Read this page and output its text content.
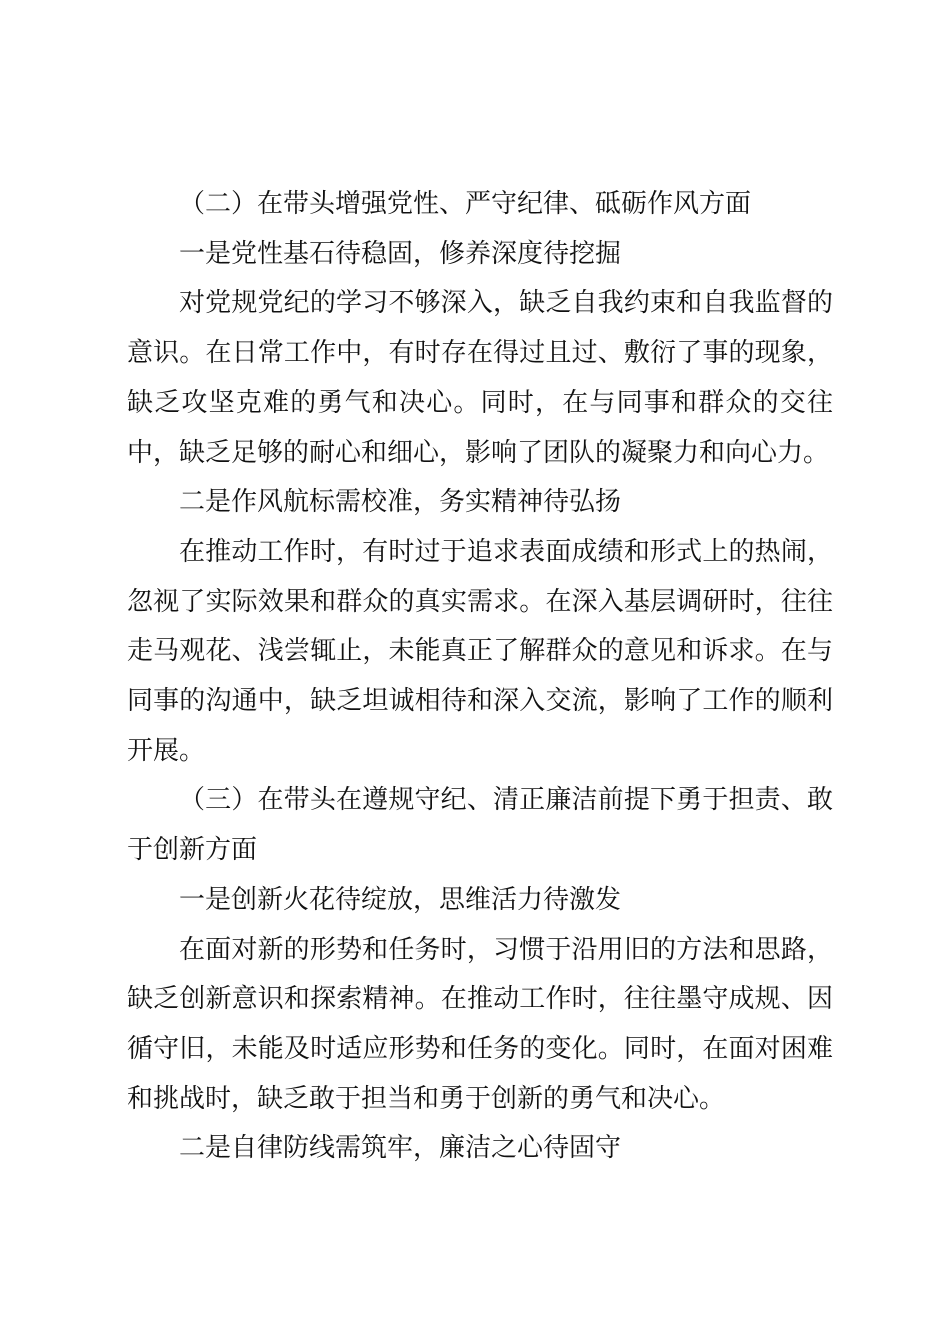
（二）在带头增强党性、严守纪律、砥砺作风方面

一是党性基石待稳固，修养深度待挖掘

对党规党纪的学习不够深入，缺乏自我约束和自我监督的意识。在日常工作中，有时存在得过且过、敷衍了事的现象，缺乏攻坚克难的勇气和决心。同时，在与同事和群众的交往中，缺乏足够的耐心和细心，影响了团队的凝聚力和向心力。

二是作风航标需校准，务实精神待弘扬

在推动工作时，有时过于追求表面成绩和形式上的热闹，忽视了实际效果和群众的真实需求。在深入基层调研时，往往走马观花、浅尝辄止，未能真正了解群众的意见和诉求。在与同事的沟通中，缺乏坦诚相待和深入交流，影响了工作的顺利开展。

（三）在带头在遵规守纪、清正廉洁前提下勇于担责、敢于创新方面

一是创新火花待绽放，思维活力待激发

在面对新的形势和任务时，习惯于沿用旧的方法和思路，缺乏创新意识和探索精神。在推动工作时，往往墨守成规、因循守旧，未能及时适应形势和任务的变化。同时，在面对困难和挑战时，缺乏敢于担当和勇于创新的勇气和决心。

二是自律防线需筑牢，廉洁之心待固守
